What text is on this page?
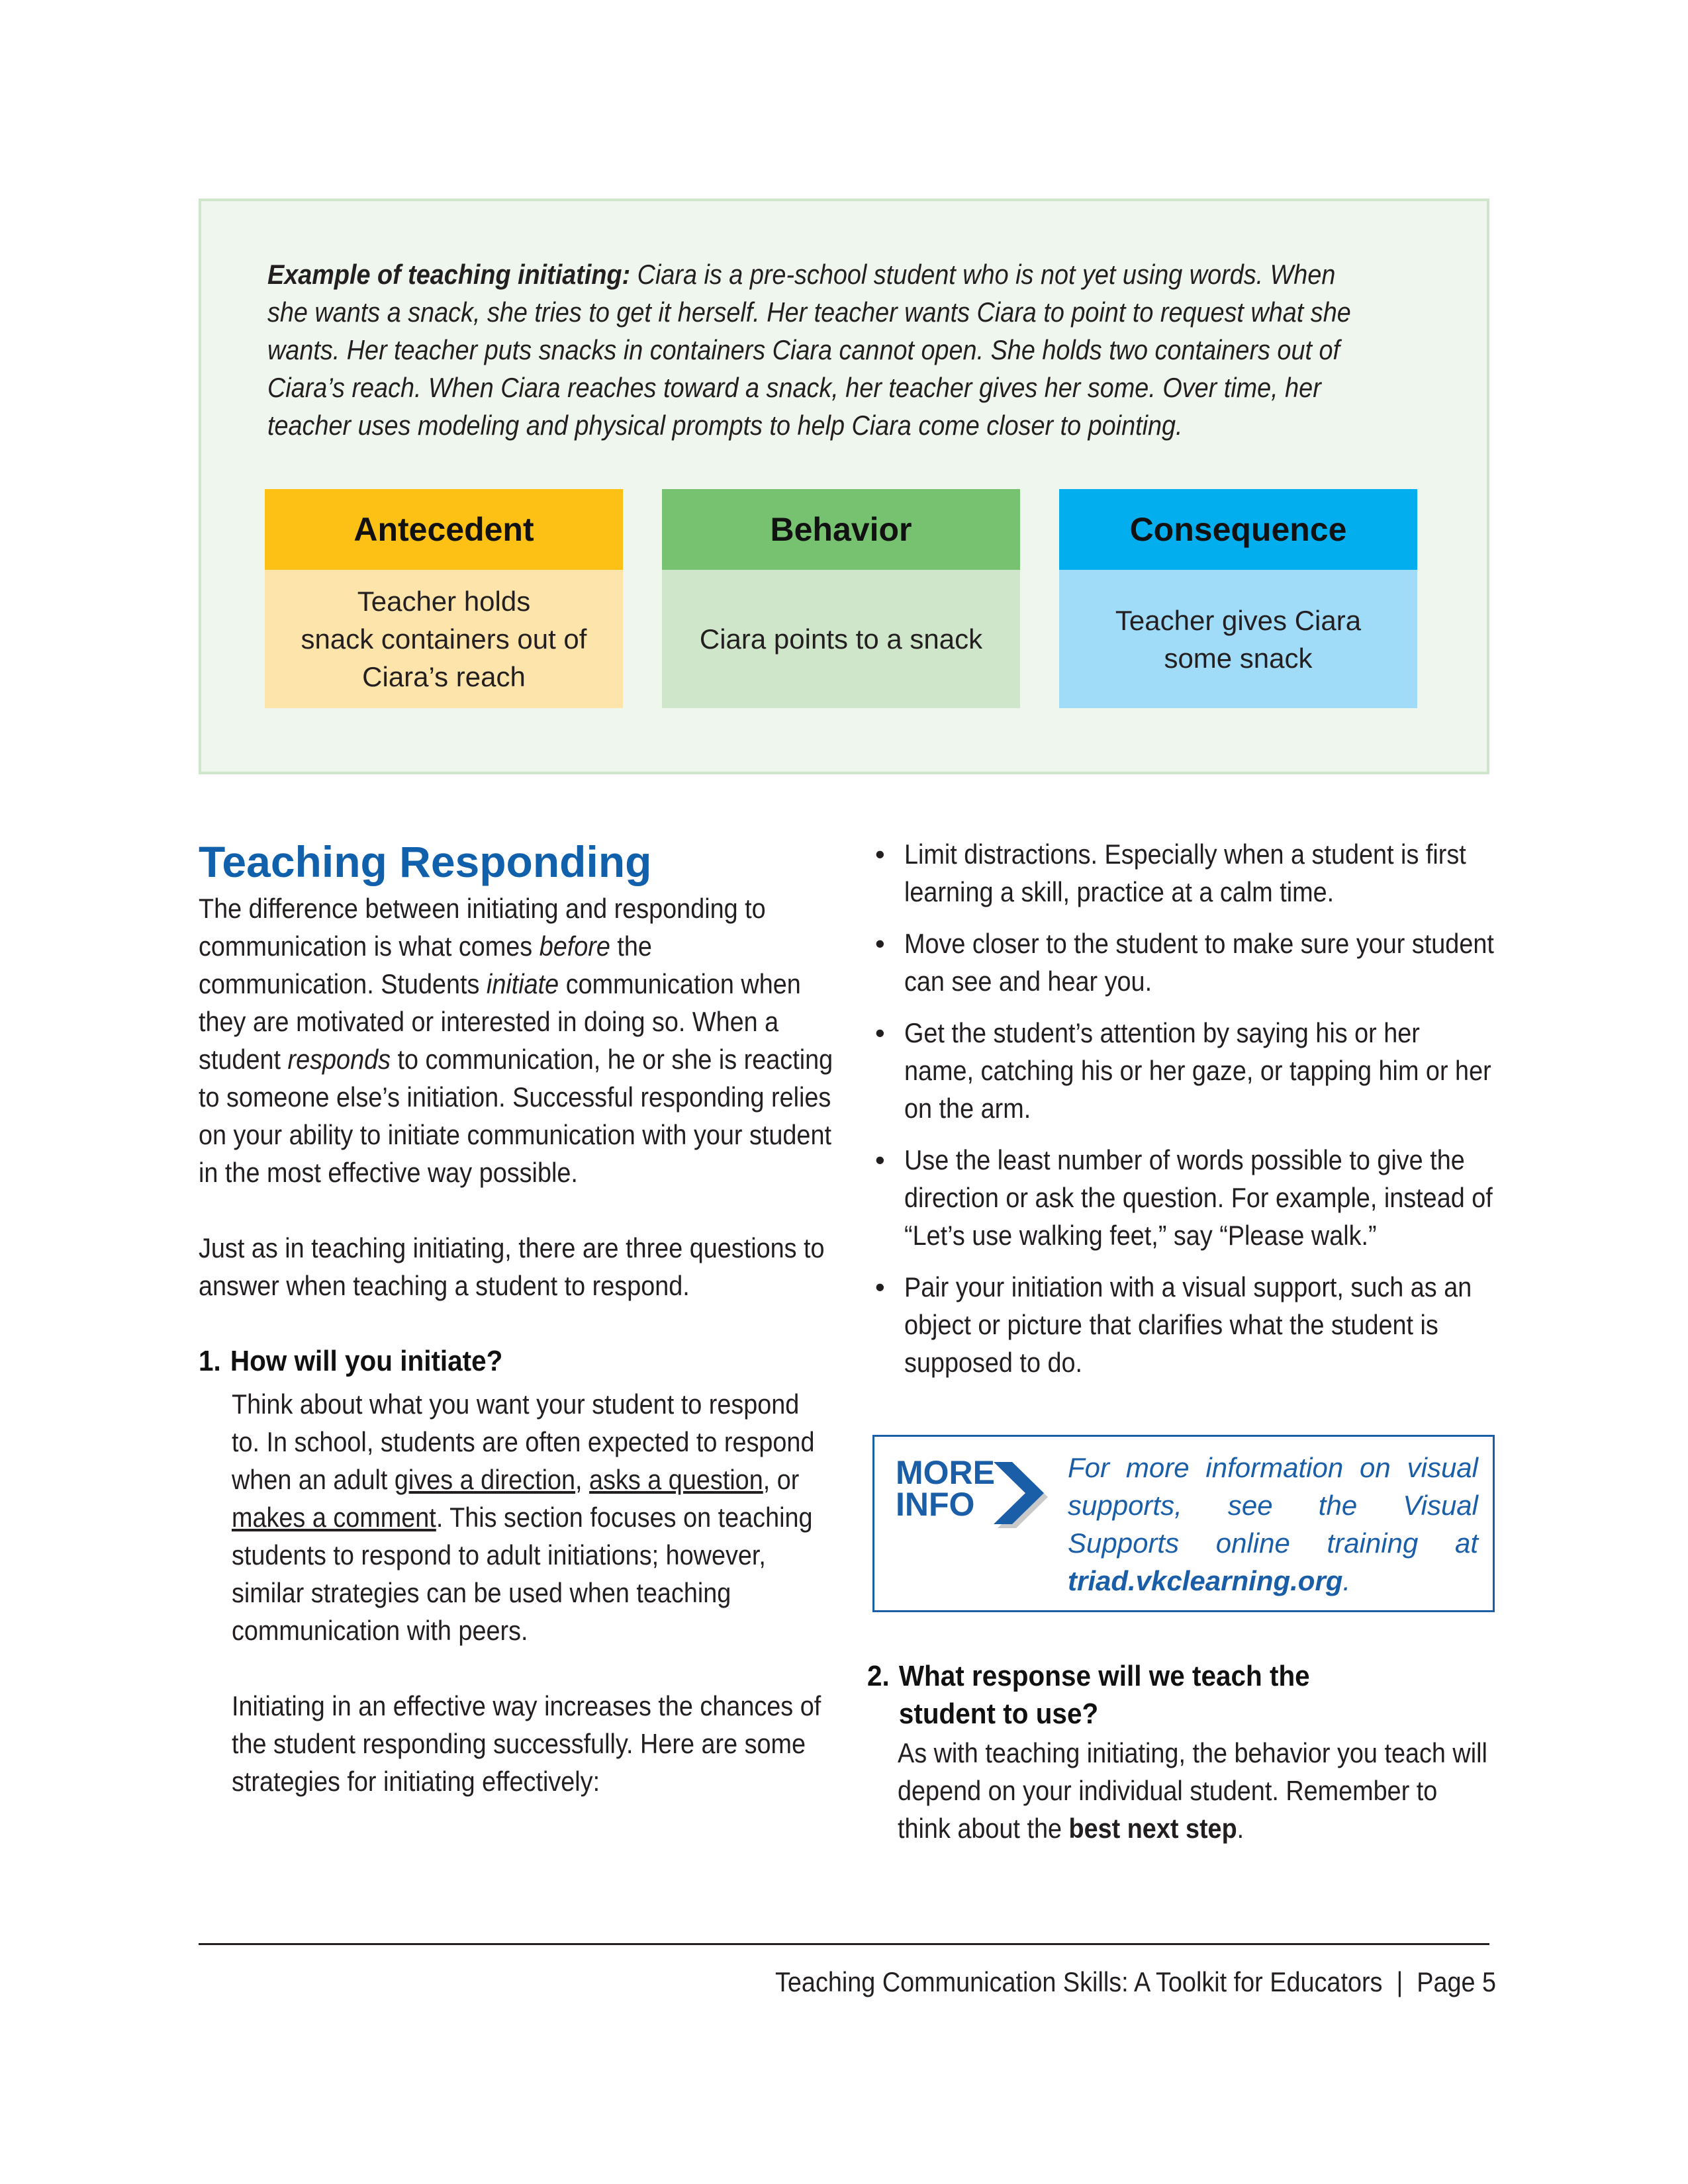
Example of teaching initiating: Ciara is a pre-school student who is not yet using words. When she wants a snack, she tries to get it herself. Her teacher wants Ciara to point to request what she wants. Her teacher puts snacks in containers Ciara cannot open. She holds two containers out of Ciara’s reach. When Ciara reaches toward a snack, her teacher gives her some. Over time, her teacher uses modeling and physical prompts to help Ciara come closer to pointing.
Antecedent
Teacher holds
snack containers out of
Ciara’s reach
Behavior
Ciara points to a snack
Consequence
Teacher gives Ciara
some snack
Teaching Responding

The difference between initiating and responding to communication is what comes before the communication. Students initiate communication when they are motivated or interested in doing so. When a student responds to communication, he or she is reacting to someone else’s initiation. Successful responding relies on your ability to initiate communication with your student in the most effective way possible.

Just as in teaching initiating, there are three questions to answer when teaching a student to respond.

1. How will you initiate?

Think about what you want your student to respond to. In school, students are often expected to respond when an adult gives a direction, asks a question, or makes a comment. This section focuses on teaching students to respond to adult initiations; however, similar strategies can be used when teaching communication with peers.

Initiating in an effective way increases the chances of the student responding successfully. Here are some strategies for initiating effectively:

• Limit distractions. Especially when a student is first learning a skill, practice at a calm time.
• Move closer to the student to make sure your student can see and hear you.
• Get the student’s attention by saying his or her name, catching his or her gaze, or tapping him or her on the arm.
• Use the least number of words possible to give the direction or ask the question. For example, instead of “Let’s use walking feet,” say “Please walk.”
• Pair your initiation with a visual support, such as an object or picture that clarifies what the student is supposed to do.
MORE
INFO
For more information on visual supports, see the Visual Supports online training at triad.vkclearning.org.
2. What response will we teach the student to use?

As with teaching initiating, the behavior you teach will depend on your individual student. Remember to think about the best next step.

Teaching Communication Skills: A Toolkit for Educators  |  Page 5
